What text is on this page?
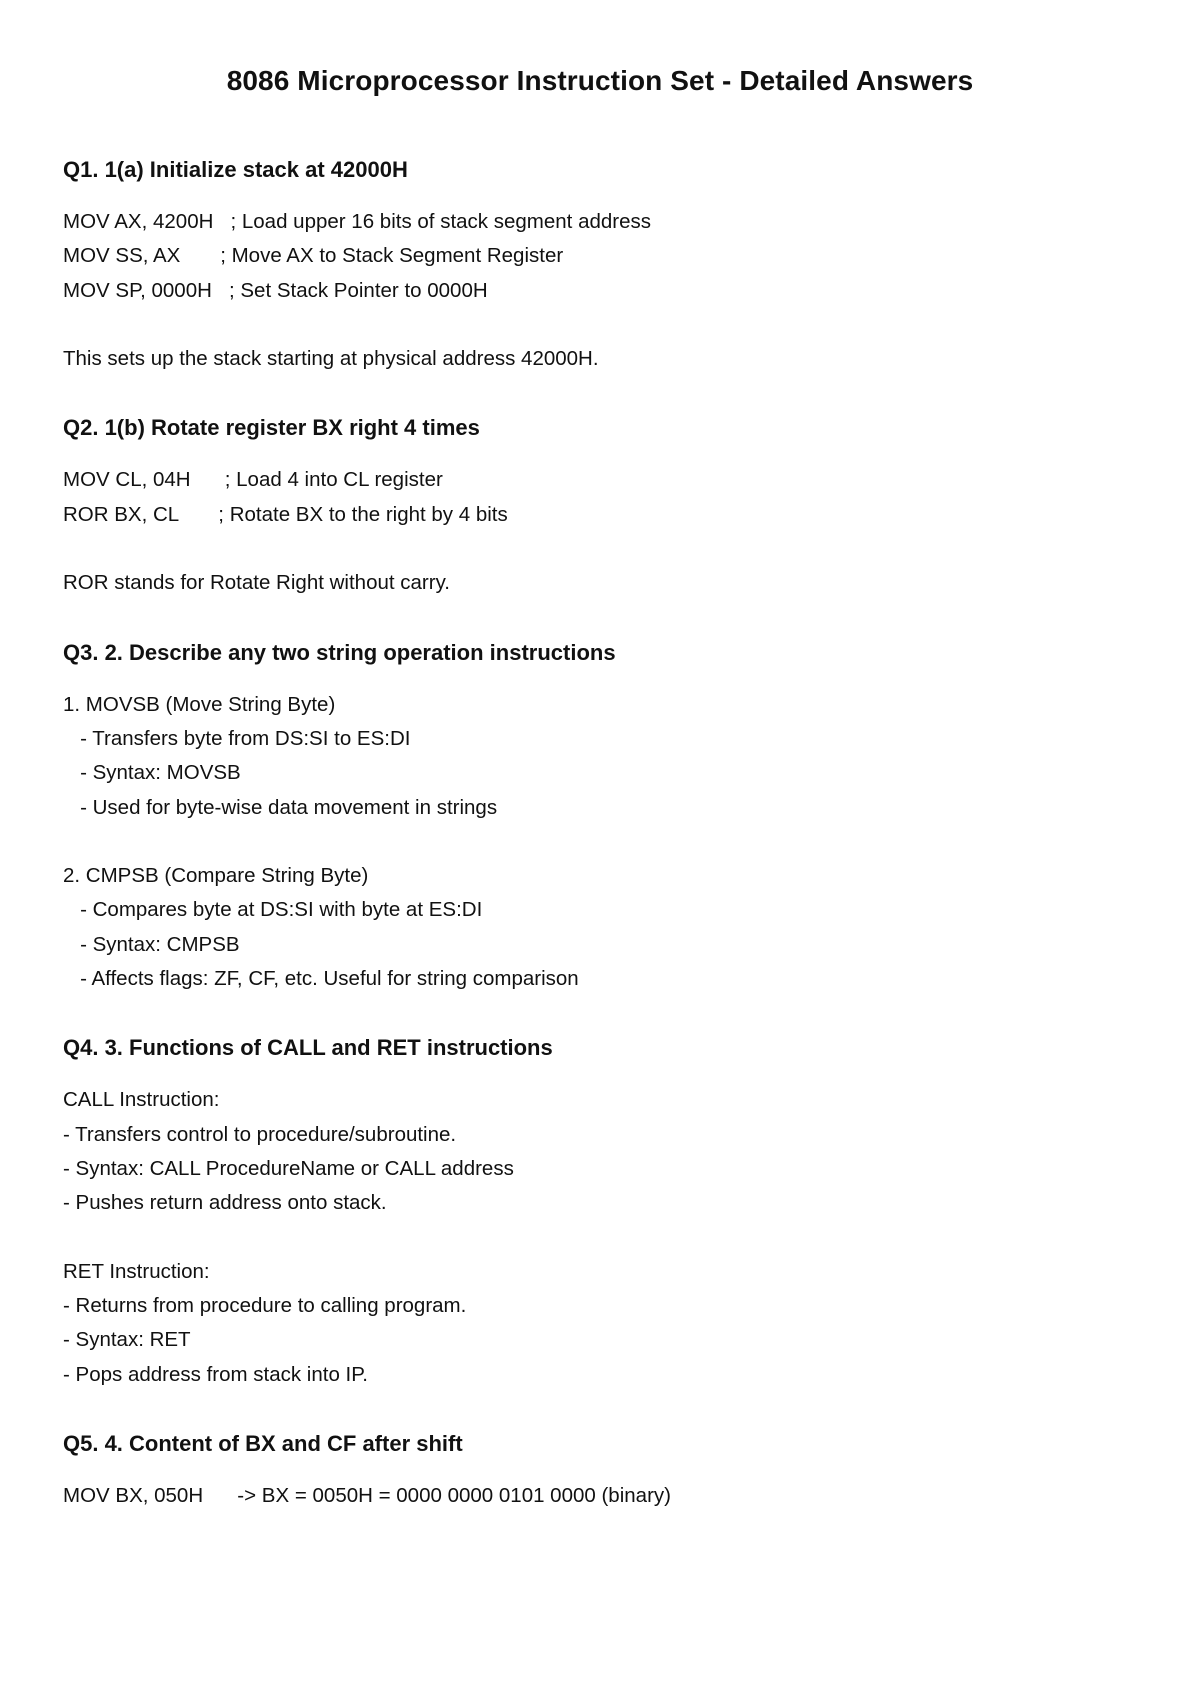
8086 Microprocessor Instruction Set - Detailed Answers
Q1. 1(a) Initialize stack at 42000H
MOV AX, 4200H   ; Load upper 16 bits of stack segment address
MOV SS, AX       ; Move AX to Stack Segment Register
MOV SP, 0000H   ; Set Stack Pointer to 0000H
This sets up the stack starting at physical address 42000H.
Q2. 1(b) Rotate register BX right 4 times
MOV CL, 04H      ; Load 4 into CL register
ROR BX, CL       ; Rotate BX to the right by 4 bits
ROR stands for Rotate Right without carry.
Q3. 2. Describe any two string operation instructions
1. MOVSB (Move String Byte)
- Transfers byte from DS:SI to ES:DI
- Syntax: MOVSB
- Used for byte-wise data movement in strings
2. CMPSB (Compare String Byte)
- Compares byte at DS:SI with byte at ES:DI
- Syntax: CMPSB
- Affects flags: ZF, CF, etc. Useful for string comparison
Q4. 3. Functions of CALL and RET instructions
CALL Instruction:
- Transfers control to procedure/subroutine.
- Syntax: CALL ProcedureName or CALL address
- Pushes return address onto stack.
RET Instruction:
- Returns from procedure to calling program.
- Syntax: RET
- Pops address from stack into IP.
Q5. 4. Content of BX and CF after shift
MOV BX, 050H      -> BX = 0050H = 0000 0000 0101 0000 (binary)
